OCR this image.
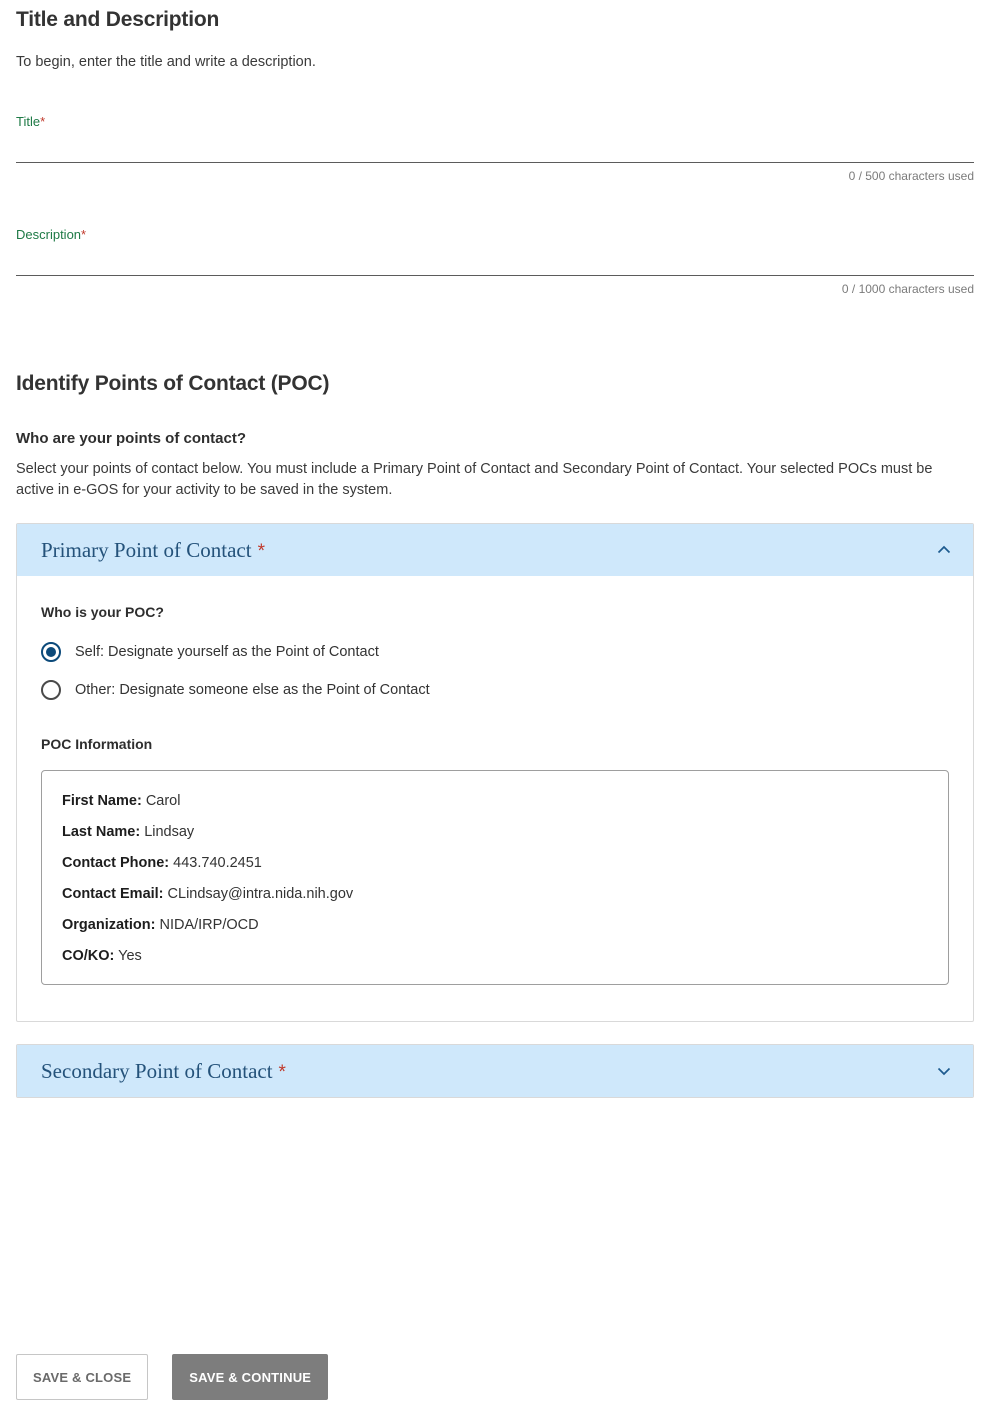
Title and Description

To begin, enter the title and write a description.

Title*
0 / 500 characters used
Description*
0 / 1000 characters used
Identify Points of Contact (POC)

Who are your points of contact?

Select your points of contact below. You must include a Primary Point of Contact and Secondary Point of Contact. Your selected POCs must be active in e-GOS for your activity to be saved in the system.

Primary Point of Contact *
Who is your POC?
Self: Designate yourself as the Point of Contact
Other: Designate someone else as the Point of Contact
POC Information
First Name: Carol
Last Name: Lindsay
Contact Phone: 443.740.2451
Contact Email: CLindsay@intra.nida.nih.gov
Organization: NIDA/IRP/OCD
CO/KO: Yes
Secondary Point of Contact *
SAVE & CLOSE	SAVE & CONTINUE
